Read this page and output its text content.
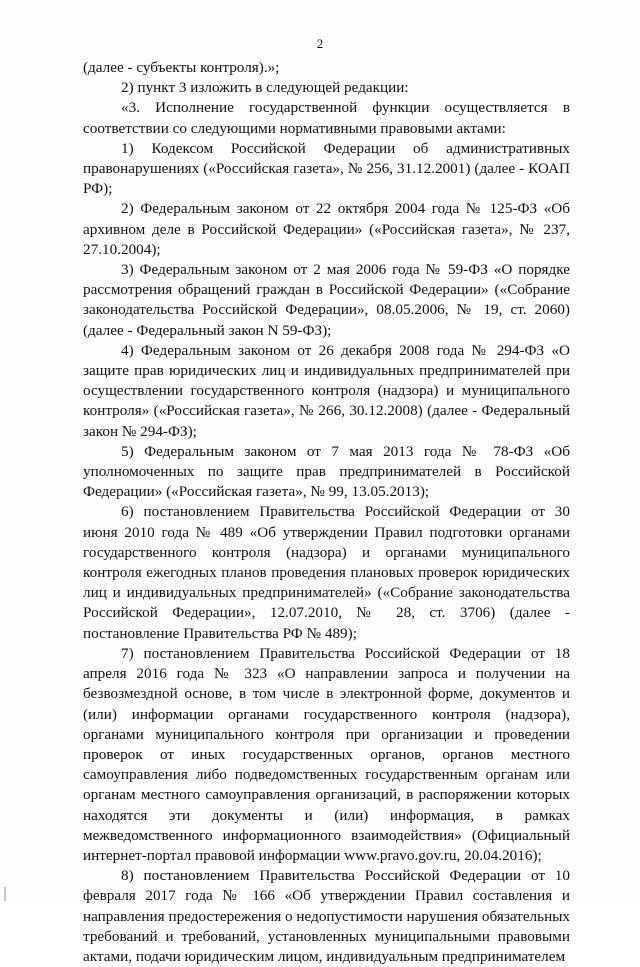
2

(далее - субъекты контроля).»;

2) пункт 3 изложить в следующей редакции:

«3. Исполнение государственной функции осуществляется в соответствии со следующими нормативными правовыми актами:

1) Кодексом Российской Федерации об административных правонарушениях («Российская газета», № 256, 31.12.2001) (далее - КОАП РФ);

2) Федеральным законом от 22 октября 2004 года № 125-ФЗ «Об архивном деле в Российской Федерации» («Российская газета», № 237, 27.10.2004);

3) Федеральным законом от 2 мая 2006 года № 59-ФЗ «О порядке рассмотрения обращений граждан в Российской Федерации» («Собрание законодательства Российской Федерации», 08.05.2006, № 19, ст. 2060) (далее - Федеральный закон N 59-ФЗ);

4) Федеральным законом от 26 декабря 2008 года № 294-ФЗ «О защите прав юридических лиц и индивидуальных предпринимателей при осуществлении государственного контроля (надзора) и муниципального контроля» («Российская газета», № 266, 30.12.2008) (далее - Федеральный закон № 294-ФЗ);

5) Федеральным законом от 7 мая 2013 года № 78-ФЗ «Об уполномоченных по защите прав предпринимателей в Российской Федерации» («Российская газета», № 99, 13.05.2013);

6) постановлением Правительства Российской Федерации от 30 июня 2010 года № 489 «Об утверждении Правил подготовки органами государственного контроля (надзора) и органами муниципального контроля ежегодных планов проведения плановых проверок юридических лиц и индивидуальных предпринимателей» («Собрание законодательства Российской Федерации», 12.07.2010, № 28, ст. 3706) (далее - постановление Правительства РФ № 489);

7) постановлением Правительства Российской Федерации от 18 апреля 2016 года № 323 «О направлении запроса и получении на безвозмездной основе, в том числе в электронной форме, документов и (или) информации органами государственного контроля (надзора), органами муниципального контроля при организации и проведении проверок от иных государственных органов, органов местного самоуправления либо подведомственных государственным органам или органам местного самоуправления организаций, в распоряжении которых находятся эти документы и (или) информация, в рамках межведомственного информационного взаимодействия» (Официальный интернет-портал правовой информации www.pravo.gov.ru, 20.04.2016);

8) постановлением Правительства Российской Федерации от 10 февраля 2017 года № 166 «Об утверждении Правил составления и направления предостережения о недопустимости нарушения обязательных требований и требований, установленных муниципальными правовыми актами, подачи юридическим лицом, индивидуальным предпринимателем
